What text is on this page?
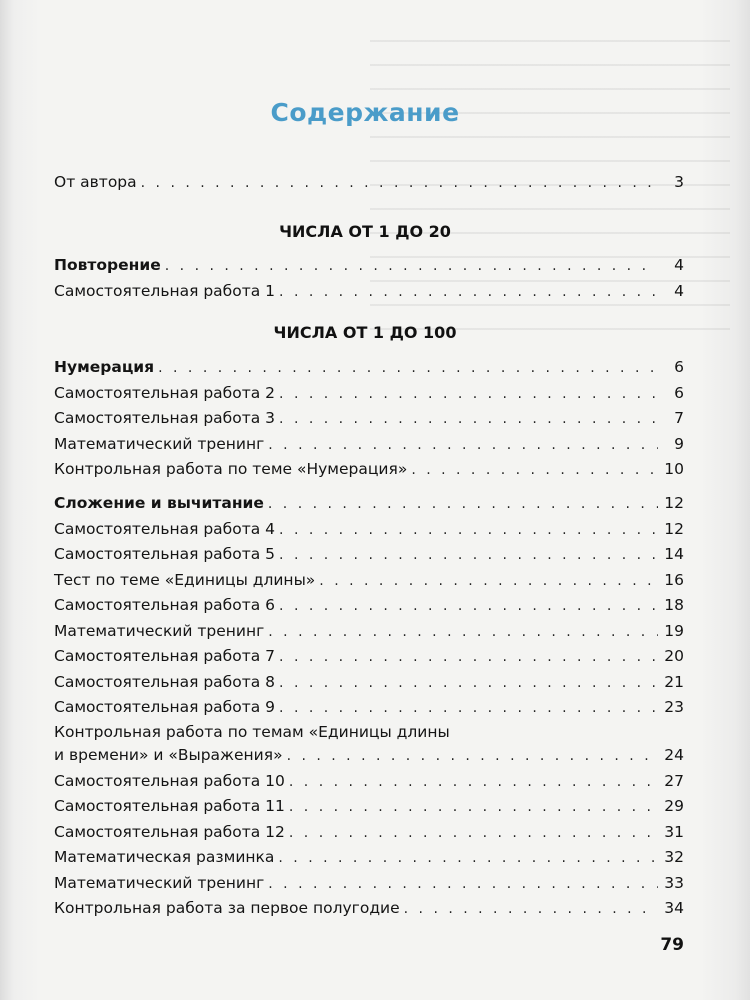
Содержание
От автора . . .	3
ЧИСЛА ОТ 1 ДО 20
Повторение . . .	4
Самостоятельная работа 1 . . .	4
ЧИСЛА ОТ 1 ДО 100
Нумерация . . .	6
Самостоятельная работа 2 . . .	6
Самостоятельная работа 3 . . .	7
Математический тренинг . . .	9
Контрольная работа по теме «Нумерация» . . .	10
Сложение и вычитание . . .	12
Самостоятельная работа 4 . . .	12
Самостоятельная работа 5 . . .	14
Тест по теме «Единицы длины» . . .	16
Самостоятельная работа 6 . . .	18
Математический тренинг . . .	19
Самостоятельная работа 7 . . .	20
Самостоятельная работа 8 . . .	21
Самостоятельная работа 9 . . .	23
Контрольная работа по темам «Единицы длины
и времени» и «Выражения» . . .	24
Самостоятельная работа 10 . . .	27
Самостоятельная работа 11 . . .	29
Самостоятельная работа 12 . . .	31
Математическая разминка . . .	32
Математический тренинг . . .	33
Контрольная работа за первое полугодие . . .	34
79
